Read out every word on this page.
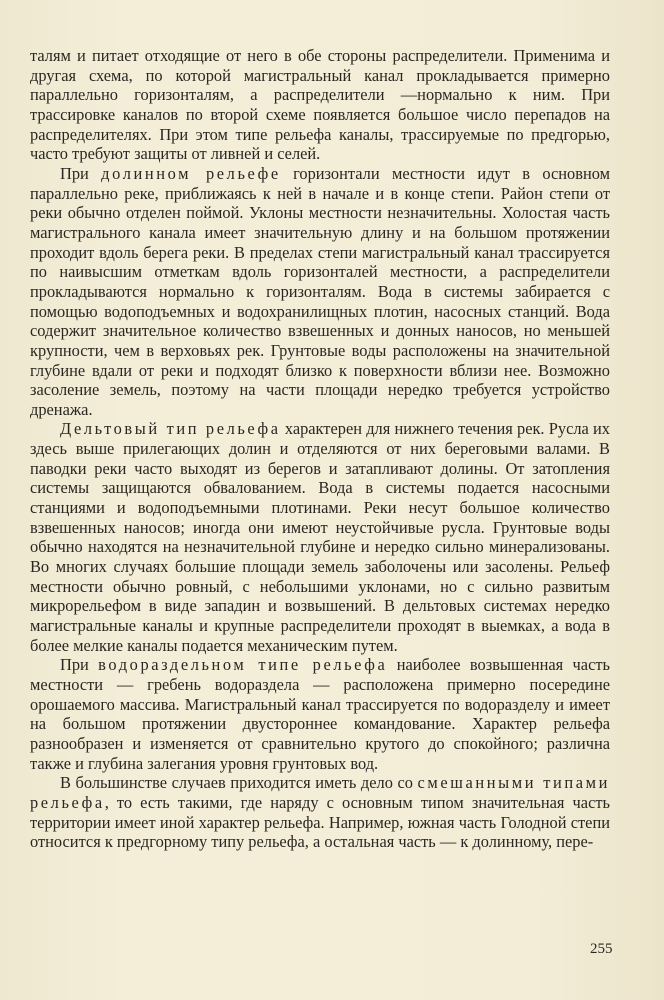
талям и питает отходящие от него в обе стороны распределители. Применима и другая схема, по которой магистральный канал прокладывается примерно параллельно горизонталям, а распределители —нормально к ним. При трассировке каналов по второй схеме появляется большое число перепадов на распределителях. При этом типе рельефа каналы, трассируемые по предгорью, часто требуют защиты от ливней и селей.

При долинном рельефе горизонтали местности идут в основном параллельно реке, приближаясь к ней в начале и в конце степи. Район степи от реки обычно отделен поймой. Уклоны местности незначительны. Холостая часть магистрального канала имеет значительную длину и на большом протяжении проходит вдоль берега реки. В пределах степи магистральный канал трассируется по наивысшим отметкам вдоль горизонталей местности, а распределители прокладываются нормально к горизонталям. Вода в системы забирается с помощью водоподъемных и водохранилищных плотин, насосных станций. Вода содержит значительное количество взвешенных и донных наносов, но меньшей крупности, чем в верховьях рек. Грунтовые воды расположены на значительной глубине вдали от реки и подходят близко к поверхности вблизи нее. Возможно засоление земель, поэтому на части площади нередко требуется устройство дренажа.

Дельтовый тип рельефа характерен для нижнего течения рек. Русла их здесь выше прилегающих долин и отделяются от них береговыми валами. В паводки реки часто выходят из берегов и затапливают долины. От затопления системы защищаются обвалованием. Вода в системы подается насосными станциями и водоподъемными плотинами. Реки несут большое количество взвешенных наносов; иногда они имеют неустойчивые русла. Грунтовые воды обычно находятся на незначительной глубине и нередко сильно минерализованы. Во многих случаях большие площади земель заболочены или засолены. Рельеф местности обычно ровный, с небольшими уклонами, но с сильно развитым микрорельефом в виде западин и возвышений. В дельтовых системах нередко магистральные каналы и крупные распределители проходят в выемках, а вода в более мелкие каналы подается механическим путем.

При водораздельном типе рельефа наиболее возвышенная часть местности — гребень водораздела — расположена примерно посередине орошаемого массива. Магистральный канал трассируется по водоразделу и имеет на большом протяжении двустороннее командование. Характер рельефа разнообразен и изменяется от сравнительно крутого до спокойного; различна также и глубина залегания уровня грунтовых вод.

В большинстве случаев приходится иметь дело со смешанными типами рельефа, то есть такими, где наряду с основным типом значительная часть территории имеет иной характер рельефа. Например, южная часть Голодной степи относится к предгорному типу рельефа, а остальная часть — к долинному, пере-

255
